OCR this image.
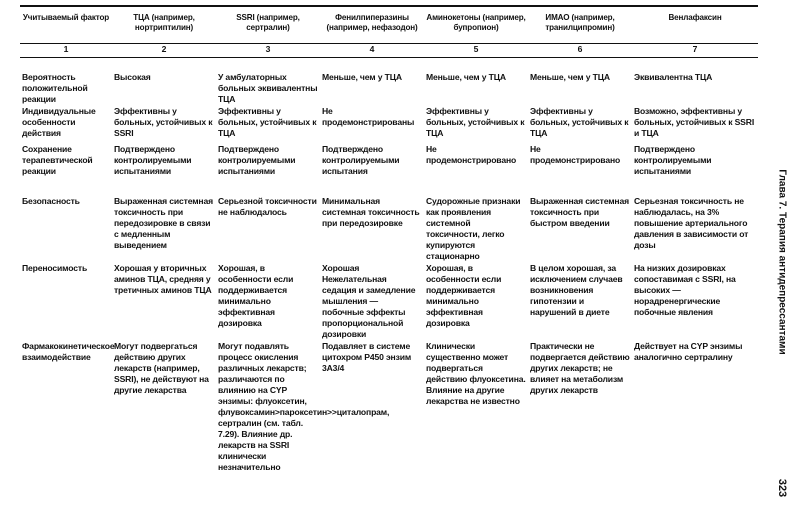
Учитываемый фактор	ТЦА (например, нортриптилин)	SSRI (например, сертралин)	Фенилпиперазины (например, нефазодон)	Аминокетоны (например, бупропион)	ИМАО (например, транилципромин)	Венлафаксин
1	2	3	4	5	6	7
Вероятность положительной реакции	Высокая	У амбулаторных больных эквивалентны ТЦА	Меньше, чем у ТЦА	Меньше, чем у ТЦА	Меньше, чем у ТЦА	Эквивалентна ТЦА
Индивидуальные особенности действия	Эффективны у больных, устойчивых к SSRI	Эффективны у больных, устойчивых к ТЦА	Не продемонстрированы	Эффективны у больных, устойчивых к ТЦА	Эффективны у больных, устойчивых к ТЦА	Возможно, эффективны у больных, устойчивых к SSRI и ТЦА
Сохранение терапевтической реакции	Подтверждено контролируемыми испытаниями	Подтверждено контролируемыми испытаниями	Подтверждено контролируемыми испытания	Не продемонстрировано	Не продемонстрировано	Подтверждено контролируемыми испытаниями
Безопасность	Выраженная системная токсичность при передозировке в связи с медленным выведением	Серьезной токсичности не наблюдалось	Минимальная системная токсичность при передозировке	Судорожные признаки как проявления системной токсичности, легко купируются стационарно	Выраженная системная токсичность при быстром введении	Серьезная токсичность не наблюдалась, на 3% повышение артериального давления в зависимости от дозы
Переносимость	Хорошая у вторичных аминов ТЦА, средняя у третичных аминов ТЦА	Хорошая, в особенности если поддерживается минимально эффективная дозировка	Хорошая Нежелательная седация и замедление мышления — побочные эффекты пропорциональной дозировки	Хорошая, в особенности если поддерживается минимально эффективная дозировка	В целом хорошая, за исключением случаев возникновения гипотензии и нарушений в диете	На низких дозировках сопоставимая с SSRI, на высоких — норадренергические побочные явления
Фармакокинетическое взаимодействие	Могут подвергаться действию других лекарств (например, SSRI), не действуют на другие лекарства	Могут подавлять процесс окисления различных лекарств; различаются по влиянию на CYP энзимы: флуоксетин, флувоксамин>пароксетин>>циталопрам, сертралин (см. табл. 7.29). Влияние др. лекарств на SSRI клинически незначительно	Подавляет в системе цитохром P450 энзим 3A3/4	Клинически существенно может подвергаться действию флуоксетина. Влияние на другие лекарства не известно	Практически не подвергается действию других лекарств; не влияет на метаболизм других лекарств	Действует на CYP энзимы аналогично сертралину
Глава 7. Терапия антидепрессантами
323
